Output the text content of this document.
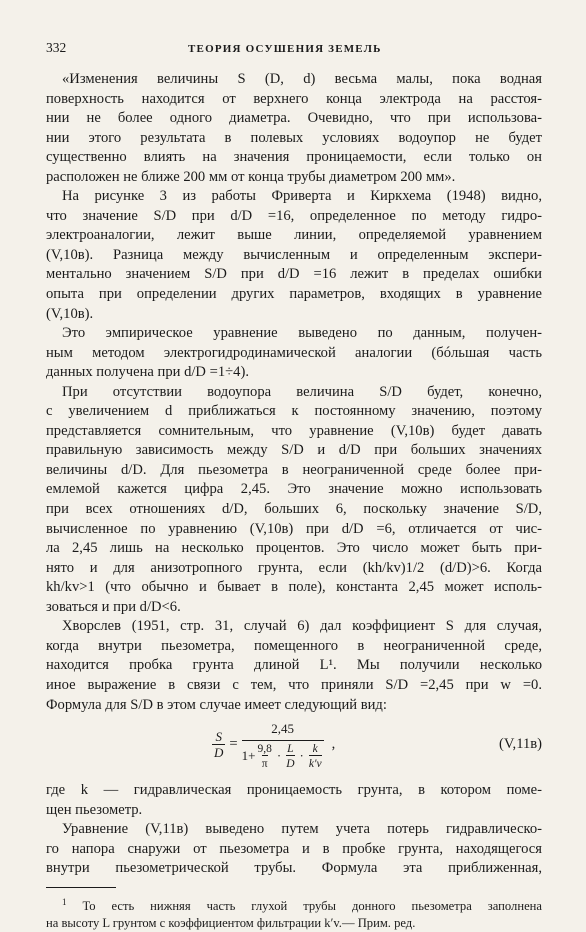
332	ТЕОРИЯ ОСУШЕНИЯ ЗЕМЕЛЬ
«Изменения величины S (D, d) весьма малы, пока водная
поверхность находится от верхнего конца электрода на расстоя-
нии не более одного диаметра. Очевидно, что при использова-
нии этого результата в полевых условиях водоупор не будет
существенно влиять на значения проницаемости, если только он
расположен не ближе 200 мм от конца трубы диаметром 200 мм».
На рисунке 3 из работы Фриверта и Киркхема (1948) видно,
что значение S/D при d/D =16, определенное по методу гидро-
электроаналогии, лежит выше линии, определяемой уравнением
(V,10в). Разница между вычисленным и определенным экспери-
ментально значением S/D при d/D =16 лежит в пределах ошибки
опыта при определении других параметров, входящих в уравнение
(V,10в).
Это эмпирическое уравнение выведено по данным, получен-
ным методом электрогидродинамической аналогии (бóльшая часть
данных получена при d/D =1÷4).
При отсутствии водоупора величина S/D будет, конечно,
с увеличением d приближаться к постоянному значению, поэтому
представляется сомнительным, что уравнение (V,10в) будет давать
правильную зависимость между S/D и d/D при больших значениях
величины d/D. Для пьезометра в неограниченной среде более при-
емлемой кажется цифра 2,45. Это значение можно использовать
при всех отношениях d/D, больших 6, поскольку значение S/D,
вычисленное по уравнению (V,10в) при d/D =6, отличается от чис-
ла 2,45 лишь на несколько процентов. Это число может быть при-
нято и для анизотропного грунта, если (kh/kv)1/2 (d/D)>6. Когда
kh/kv>1 (что обычно и бывает в поле), константа 2,45 может исполь-
зоваться и при d/D<6.
Хворслев (1951, стр. 31, случай 6) дал коэффициент S для случая,
когда внутри пьезометра, помещенного в неограниченной среде,
находится пробка грунта длиной L¹. Мы получили несколько
иное выражение в связи с тем, что приняли S/D =2,45 при w =0.
Формула для S/D в этом случае имеет следующий вид:
$\frac{S}{D}$ =
2,45
$1+ \frac{9,8}{\pi} \cdot \frac{L}{D} \cdot \frac{k}{k'v}$ ,	(V,11в)
где k — гидравлическая проницаемость грунта, в котором поме-
щен пьезометр.
Уравнение (V,11в) выведено путем учета потерь гидравлическо-
го напора снаружи от пьезометра и в пробке грунта, находящегося
внутри пьезометрической трубы. Формула эта приближенная,
$^1$ То есть нижняя часть глухой трубы донного пьезометра заполнена
на высоту L грунтом с коэффициентом фильтрации k′v.— Прим. ред.
